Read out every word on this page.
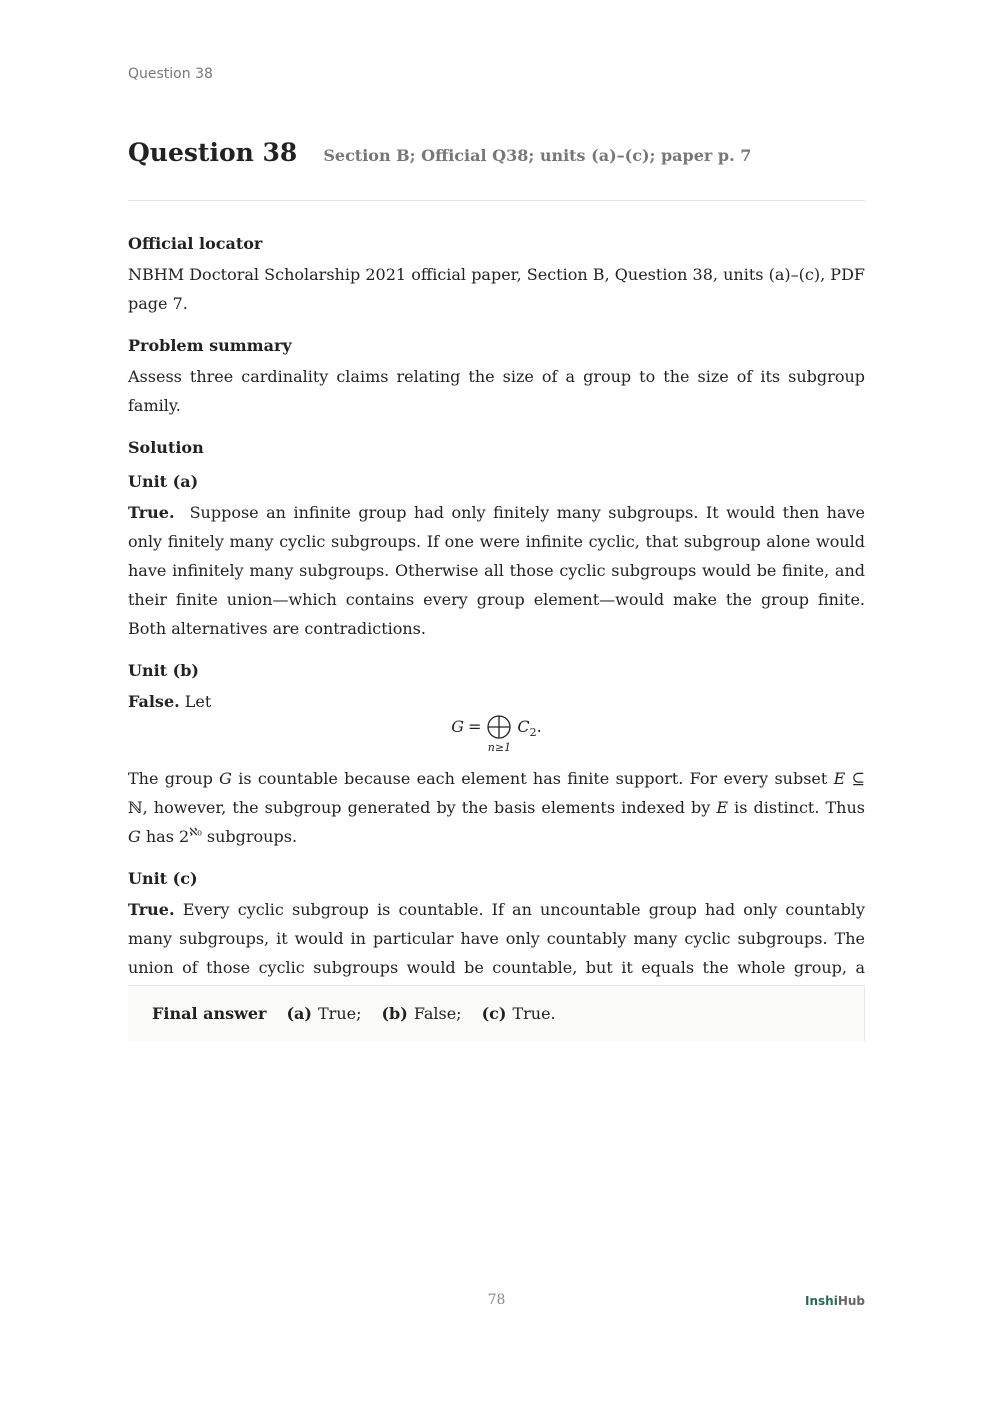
Question 38
Question 38 Section B; Official Q38; units (a)–(c); paper p. 7

Official locator

NBHM Doctoral Scholarship 2021 official paper, Section B, Question 38, units (a)–(c), PDF page 7.

Problem summary

Assess three cardinality claims relating the size of a group to the size of its subgroup family.

Solution

Unit (a)

True. Suppose an infinite group had only finitely many subgroups. It would then have only finitely many cyclic subgroups. If one were infinite cyclic, that subgroup alone would have infinitely many subgroups. Otherwise all those cyclic subgroups would be finite, and their finite union—which contains every group element—would make the group finite. Both alternatives are contradictions.

Unit (b)

False. Let

G =
n≥1
$C_2$.

The group G is countable because each element has finite support. For every subset E ⊆ ℕ, however, the subgroup generated by the basis elements indexed by E is distinct. Thus G has $2^{ℵ_0}$ subgroups.

Unit (c)

True. Every cyclic subgroup is countable. If an uncountable group had only countably many subgroups, it would in particular have only countably many cyclic subgroups. The union of those cyclic subgroups would be countable, but it equals the whole group, a

Final answer (a) True; (b) False; (c) True.
78	InshiHub
